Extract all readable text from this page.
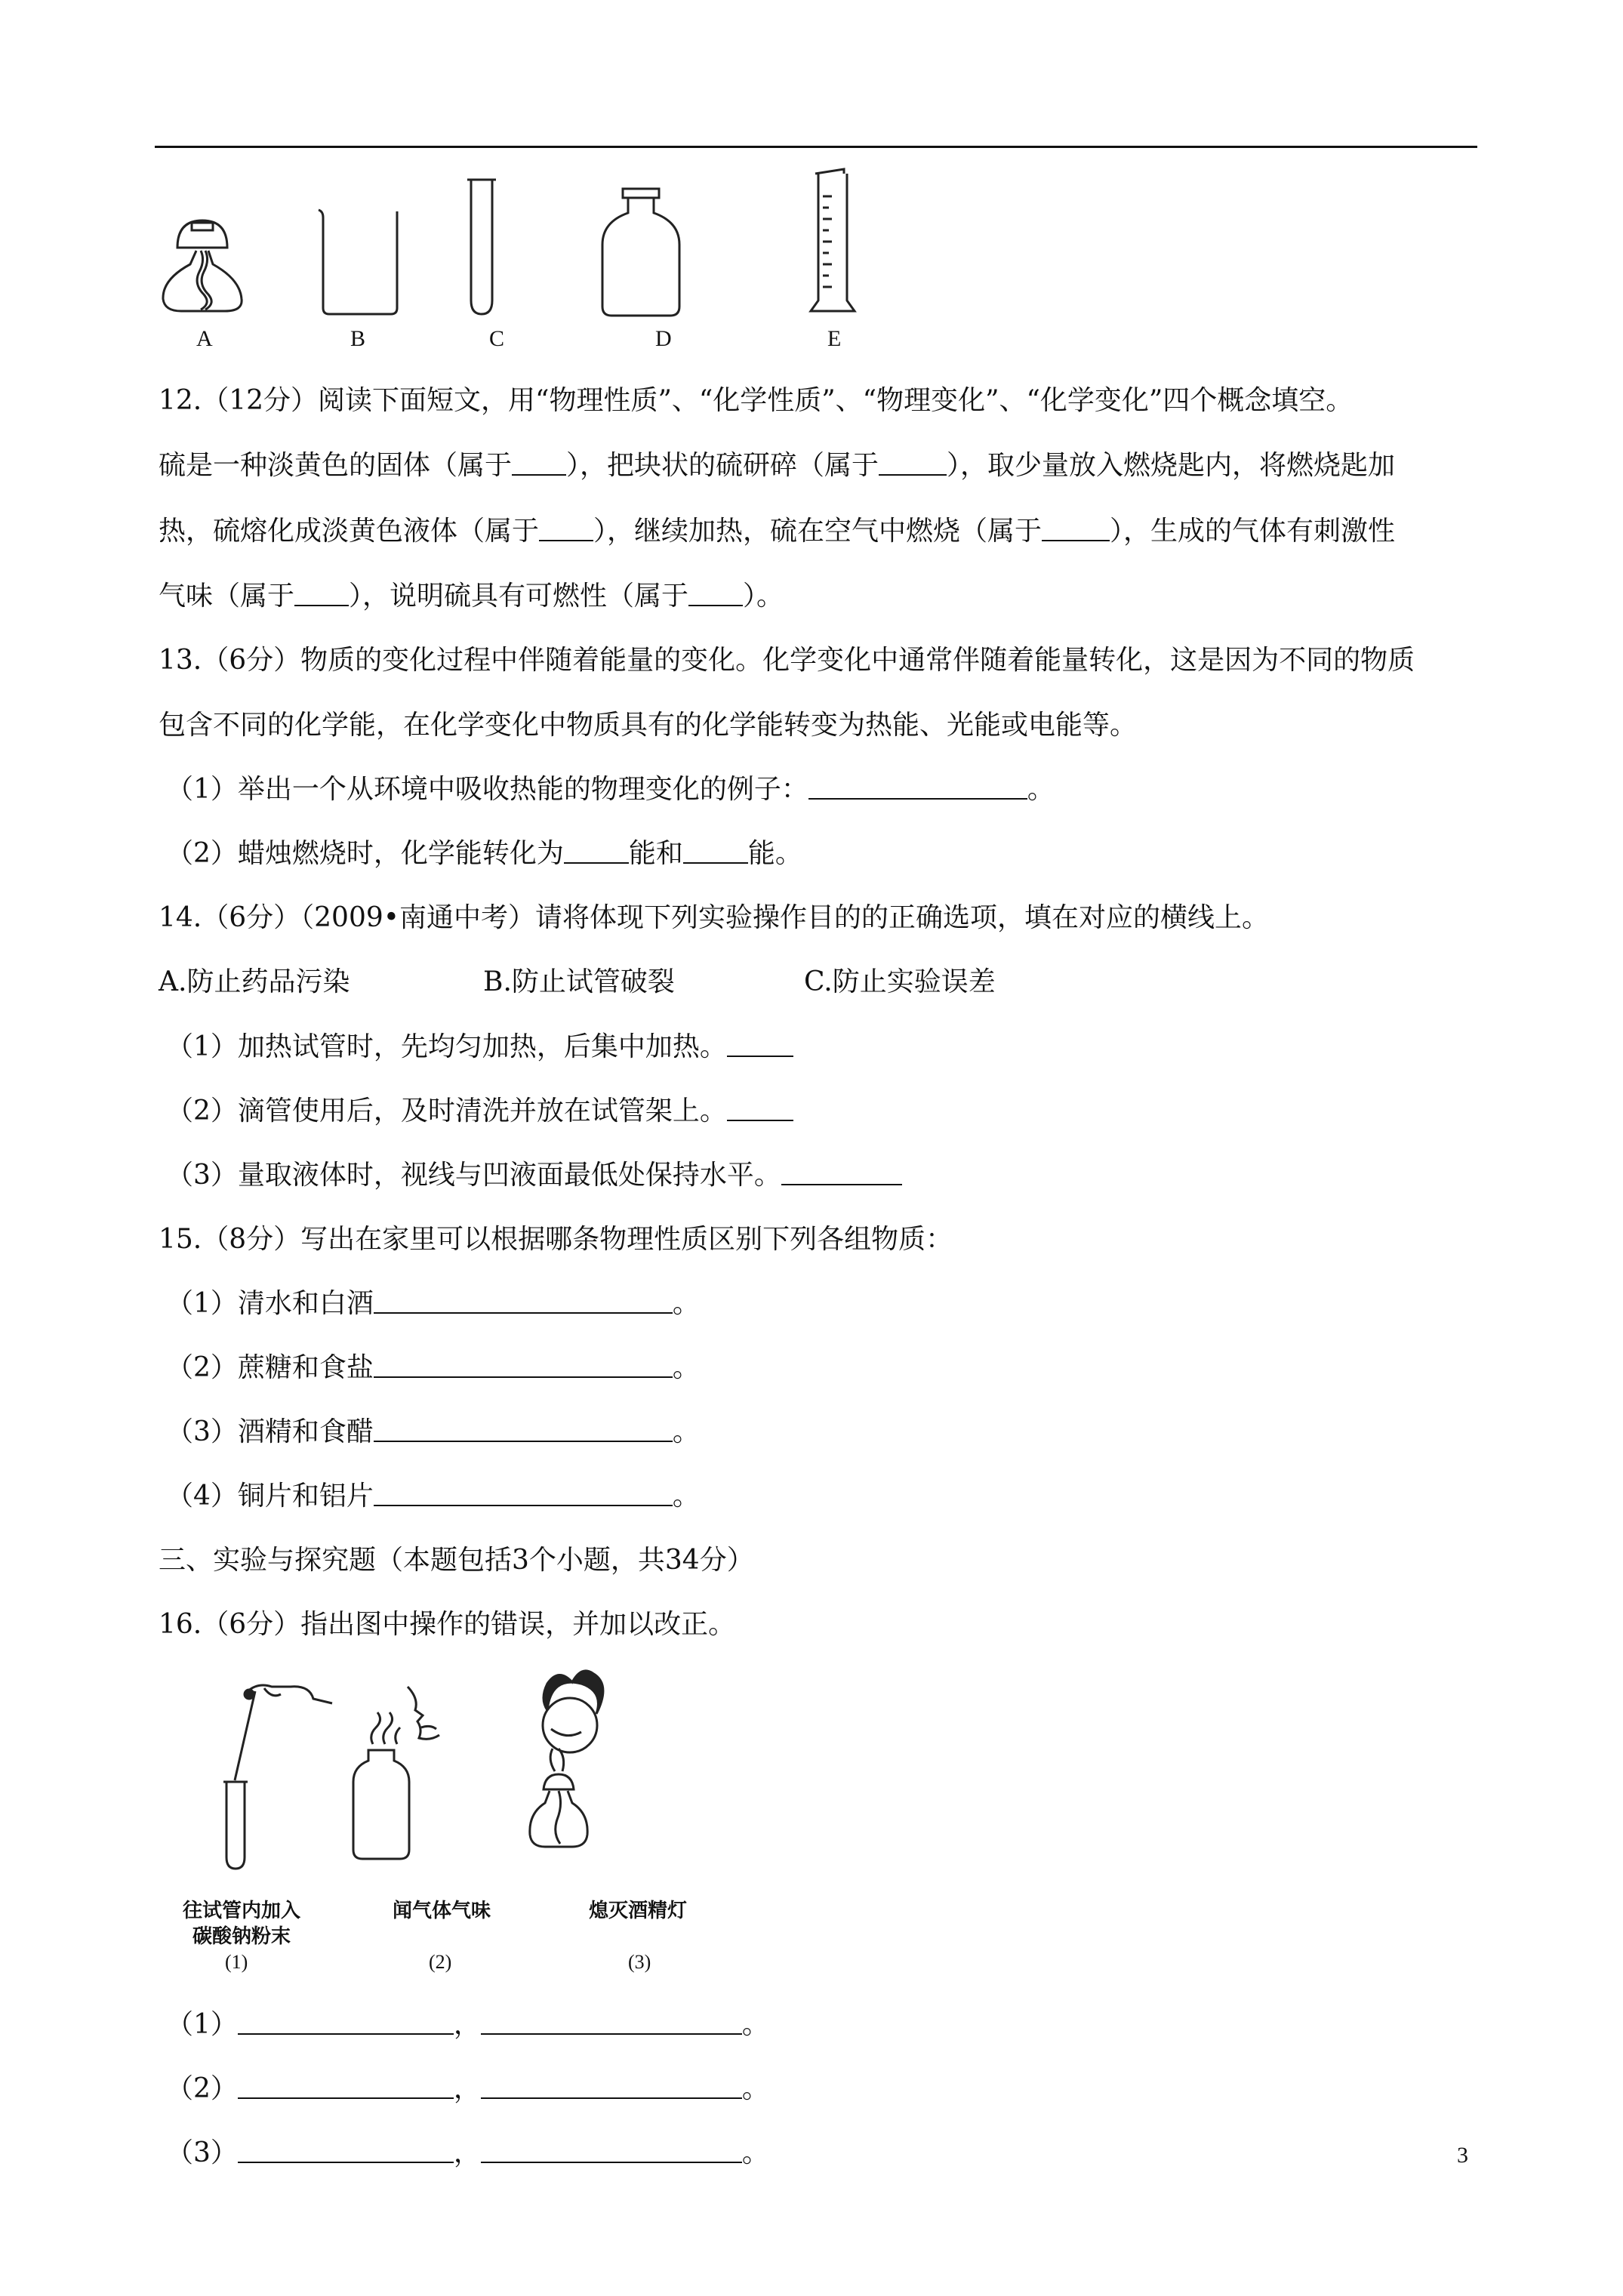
A	B	C	D	E
12.（12分）阅读下面短文，用“物理性质”、“化学性质”、“物理变化”、“化学变化”四个概念填空。
硫是一种淡黄色的固体（属于 ），把块状的硫研碎（属于	），取少量放入燃烧匙内，将燃烧匙加
热，硫熔化成淡黄色液体（属于 ），继续加热，硫在空气中燃烧（属于	），生成的气体有刺激性
气味（属于 ），说明硫具有可燃性（属于 ）。
13.（6分）物质的变化过程中伴随着能量的变化。化学变化中通常伴随着能量转化，这是因为不同的物质
包含不同的化学能，在化学变化中物质具有的化学能转变为热能、光能或电能等。
（1）举出一个从环境中吸收热能的物理变化的例子：	。
（2）蜡烛燃烧时，化学能转化为 能和 能。
14.（6分）（2009•南通中考）请将体现下列实验操作目的的正确选项，填在对应的横线上。
A.防止药品污染	B.防止试管破裂	C.防止实验误差
（1）加热试管时，先均匀加热，后集中加热。
（2）滴管使用后，及时清洗并放在试管架上。
（3）量取液体时，视线与凹液面最低处保持水平。
15.（8分）写出在家里可以根据哪条物理性质区别下列各组物质：
（1）清水和白酒	。
（2）蔗糖和食盐	。
（3）酒精和食醋	。
（4）铜片和铝片	。
三、实验与探究题（本题包括3个小题，共34分）
16.（6分）指出图中操作的错误，并加以改正。
往试管内加入
碳酸钠粉末
(1)
闻气体气味
(2)
熄灭酒精灯
(3)
（1）	，	。
（2）	，	。
（3）	，	。	3
